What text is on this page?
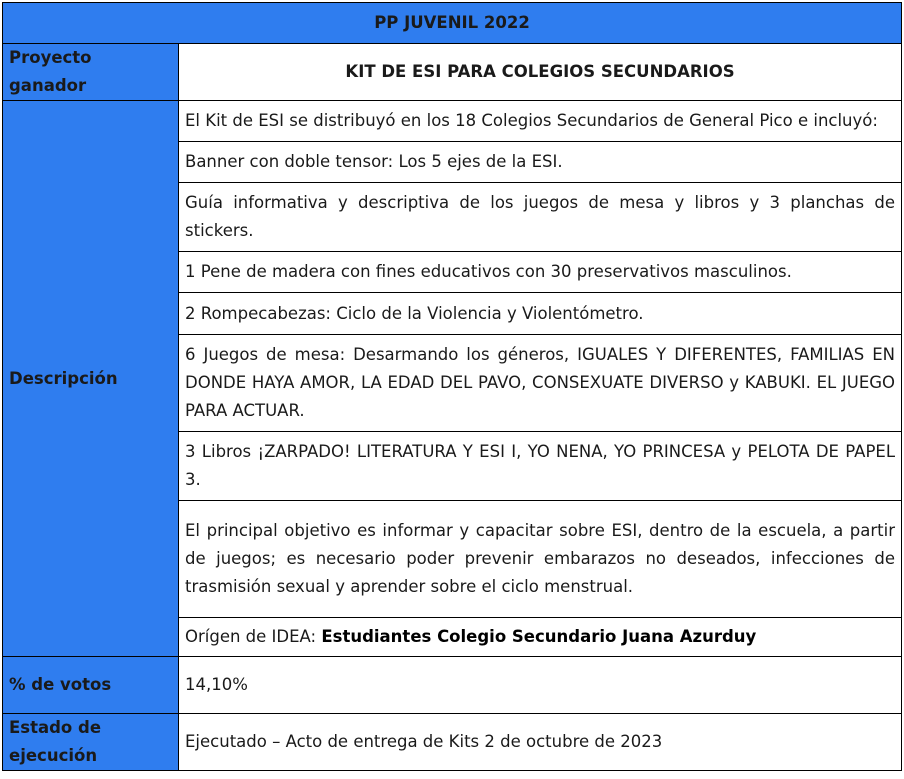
PP JUVENIL 2022	
Proyecto ganador	KIT DE ESI PARA COLEGIOS SECUNDARIOS
Descripción	El Kit de ESI se distribuyó en los 18 Colegios Secundarios de General Pico e incluyó:
	Banner con doble tensor: Los 5 ejes de la ESI.
	Guía informativa y descriptiva de los juegos de mesa y libros y 3 planchas de stickers.
	1 Pene de madera con fines educativos con 30 preservativos masculinos.
	2 Rompecabezas: Ciclo de la Violencia y Violentómetro.
	6 Juegos de mesa: Desarmando los géneros, IGUALES Y DIFERENTES, FAMILIAS EN DONDE HAYA AMOR, LA EDAD DEL PAVO, CONSEXUATE DIVERSO y KABUKI. EL JUEGO PARA ACTUAR.
	3 Libros ¡ZARPADO! LITERATURA Y ESI I, YO NENA, YO PRINCESA y PELOTA DE PAPEL 3.
	El principal objetivo es informar y capacitar sobre ESI, dentro de la escuela, a partir de juegos; es necesario poder prevenir embarazos no deseados, infecciones de trasmisión sexual y aprender sobre el ciclo menstrual.
	Orígen de IDEA: Estudiantes Colegio Secundario Juana Azurduy
% de votos	14,10%
Estado de ejecución	Ejecutado – Acto de entrega de Kits 2 de octubre de 2023
